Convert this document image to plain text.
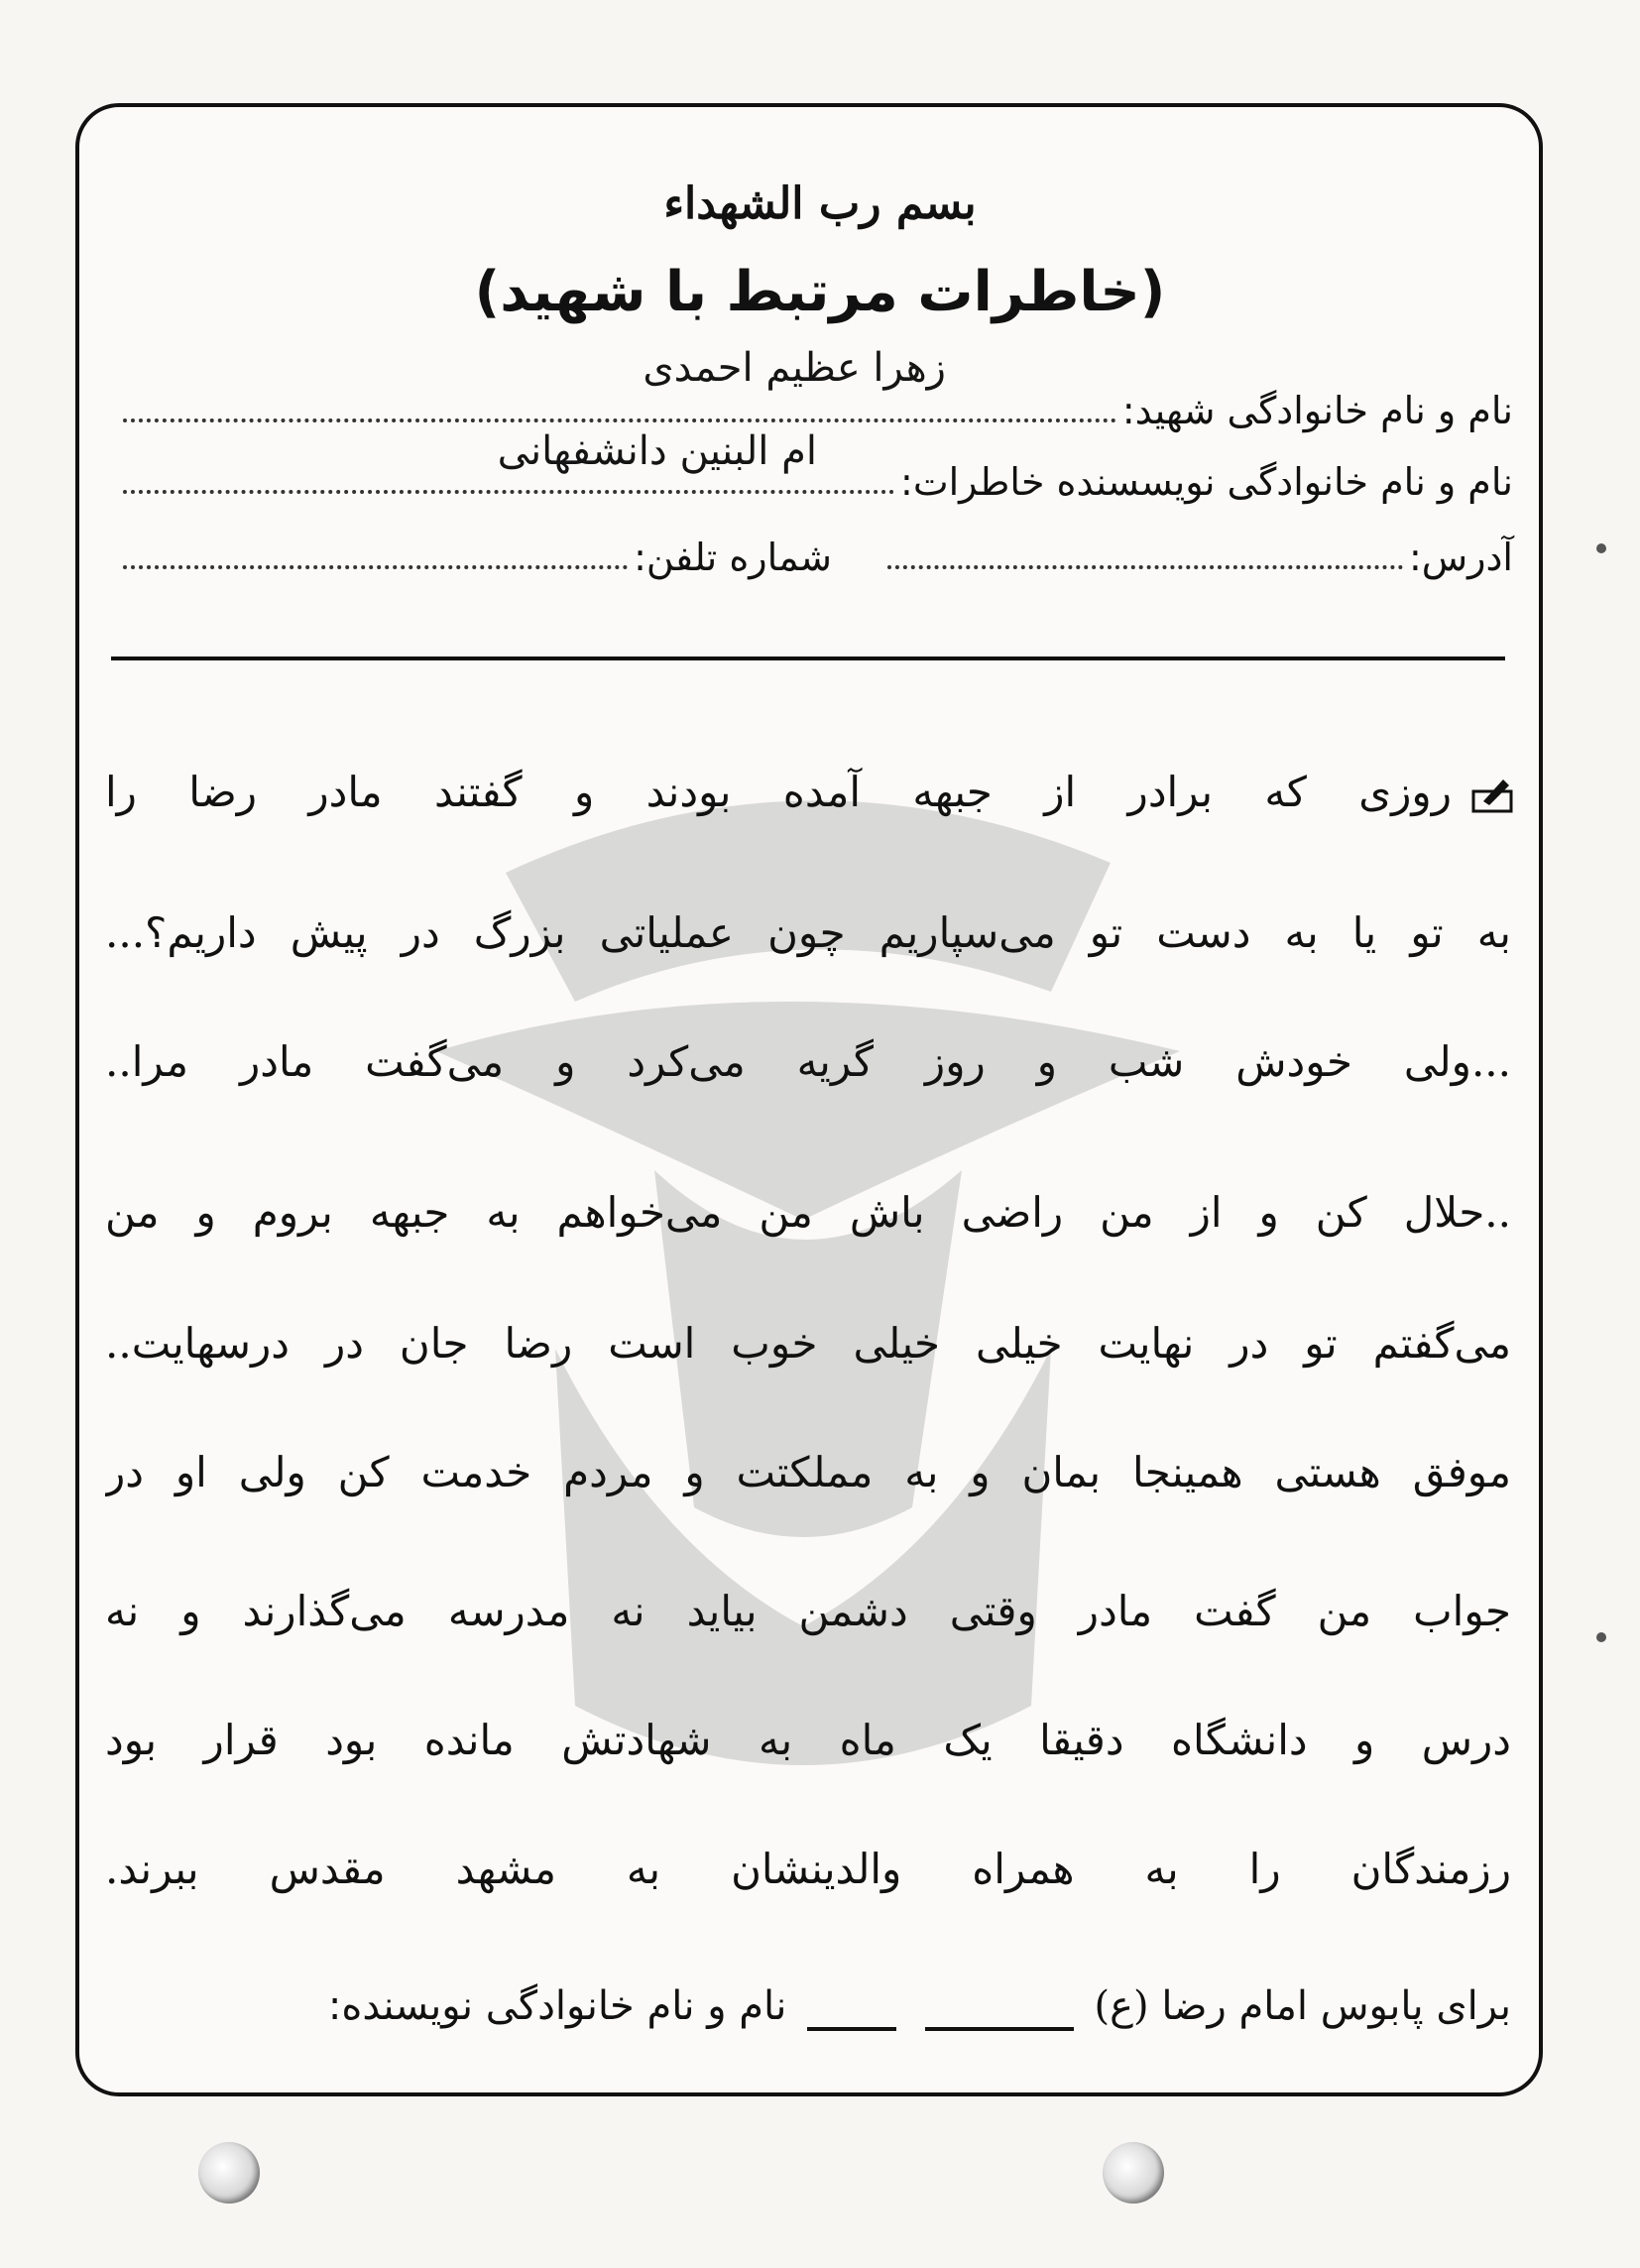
بسم رب الشهداء
(خاطرات مرتبط با شهید)
نام و نام خانوادگی شهید:
زهرا عظیم احمدی
نام و نام خانوادگی نویسسنده خاطرات:
ام البنین دانشفهانی
آدرس:
شماره تلفن:
روزی که برادر از جبهه آمده بودند و گفتند مادر رضا را
به تو یا به دست تو می‌سپاریم چون عملیاتی بزرگ در پیش داریم؟...
...ولی خودش شب و روز گریه می‌کرد و می‌گفت مادر مرا..
..حلال کن و از من راضی باش من می‌خواهم به جبهه بروم و من
می‌گفتم تو در نهایت خیلی خیلی خوب است رضا جان در درسهایت..
موفق هستی همینجا بمان و به مملکتت و مردم خدمت کن ولی او در
جواب من گفت مادر وقتی دشمن بیاید نه مدرسه می‌گذارند و نه
درس و دانشگاه دقیقا یک ماه به شهادتش مانده بود قرار بود
رزمندگان را به همراه والدینشان به مشهد مقدس ببرند.
برای پابوس امام رضا (ع)   نام و نام خانوادگی نویسنده:
